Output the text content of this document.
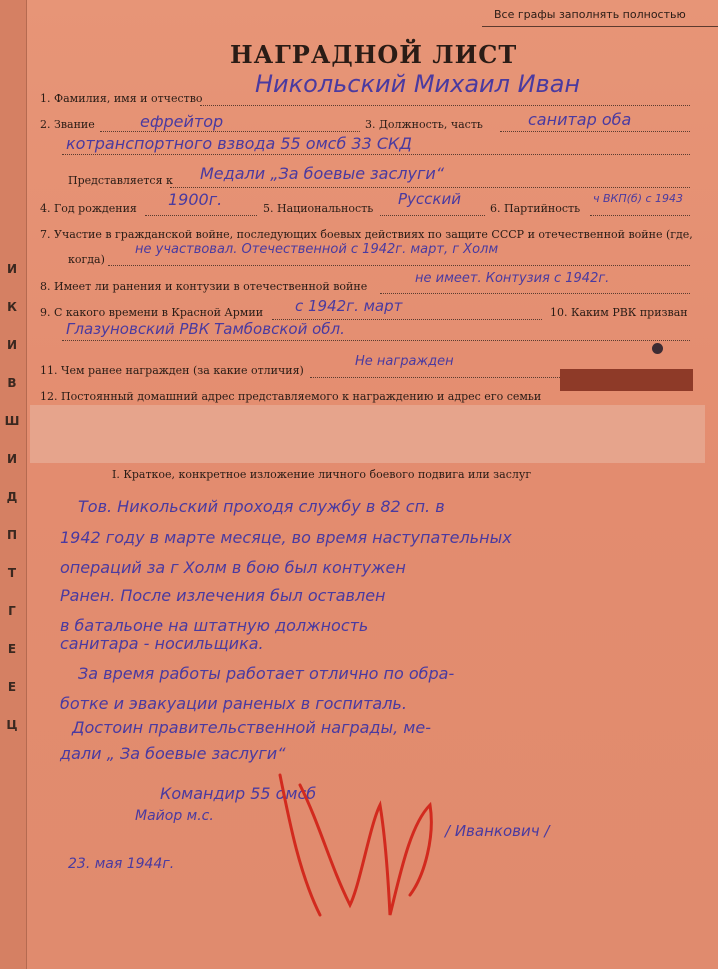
И
К
И
В
Ш
И
Д
П
Т
Г
Е
Е
Ц
Все графы заполнять полностью
НАГРАДНОЙ ЛИСТ
1. Фамилия, имя и отчество
Никольский Михаил Иван
2. Звание	ефрейтор	3. Должность, часть	санитар оба
котранспортного взвода 55 омсб 33 СКД
Представляется к Медали „За боевые заслуги“
4. Год рождения 1900г.	5. Национальность
Русский
6. Партийность
ч ВКП(б) с 1943
7. Участие в гражданской войне, последующих боевых действиях по защите СССР и отечественной войне (где,
когда)
не участвовал. Отечественной с 1942г. март, г Холм
8. Имеет ли ранения и контузии в отечественной войне
не имеет. Контузия с 1942г.
9. С какого времени в Красной Армии с 1942г. март	10. Каким РВК призван
Глазуновский РВК Тамбовской обл.
11. Чем ранее награжден (за какие отличия)
Не награжден
12. Постоянный домашний адрес представляемого к награждению и адрес его семьи
I. Краткое, конкретное изложение личного боевого подвига или заслуг
Тов. Никольский проходя службу в 82 сп. в
1942 году в марте месяце, во время наступательных
операций за г Холм в бою был контужен
Ранен. После излечения был оставлен
в батальоне на штатную должность
санитара - носильщика.
За время работы работает отлично по обра-
ботке и эвакуации раненых в госпиталь.
Достоин правительственной награды, ме-
дали „ За боевые заслуги“
Командир 55 омсб
Майор м.с.
/ Иванкович /
23. мая 1944г.
